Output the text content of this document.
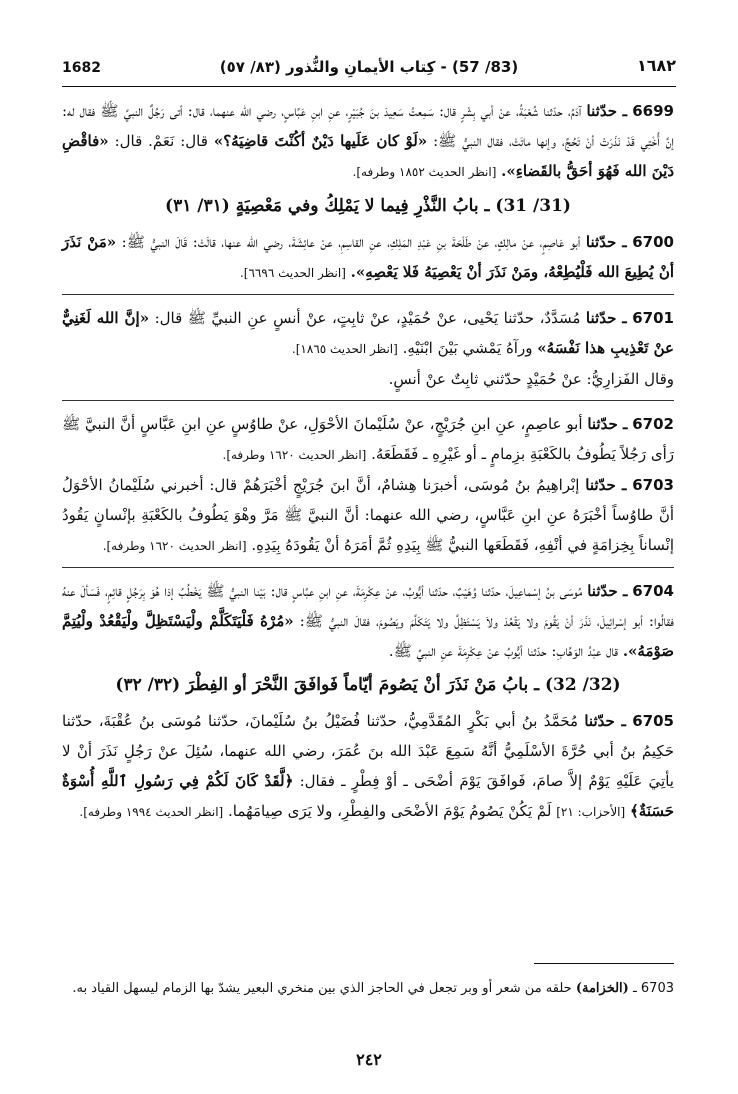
1682	(83/ 57) - كِتاب الأيمانِ والنُّذور (٨٣/ ٥٧)	١٦٨٢

6699 ـ حدّثنا آدَمُ، حدّثنا شُعْبَةُ، عنْ أبي بِشْرٍ قال: سَمِعتُ سَعِيدَ بنَ جُبَيْرٍ، عنِ ابنِ عَبَّاسٍ، رضي الله عنهما، قال: أتى رَجُلٌ النبيَّ ﷺ فقال له: إنَّ أُخْتِي قَدْ نَذَرَتْ أنْ تَحُجَّ، وإنها ماتَتْ، فقال النبيُّ ﷺ: «لَوْ كان عَلَيها دَيْنٌ أكُنْتَ قاضِيَهُ؟» قال: نَعَمْ. قال: «فاقْضِ دَيْنَ الله فَهُوَ أحَقُّ بالقَضاءِ». [انظر الحديث ١٨٥٢ وطرفه].

(31/ 31) ـ بابُ النَّذْرِ فِيما لا يَمْلِكُ وفي مَعْصِيَةٍ (٣١/ ٣١)

6700 ـ حدّثنا أبو عَاصِمٍ، عنْ مالِكٍ، عنْ طَلْحَةَ بنِ عَبْدِ المَلِكِ، عنِ القاسِمِ، عنْ عائِشَةَ، رضي الله عنها، قالَتْ: قَالَ النبيُّ ﷺ: «مَنْ نَذَرَ أنْ يُطِيعَ الله فَلْيُطِعْهُ، ومَنْ نَذَرَ أنْ يَعْصِيَهُ فَلا يَعْصِهِ». [انظر الحديث ٦٦٩٦].

6701 ـ حدّثنا مُسَدَّدٌ، حدّثنا يَحْيى، عنْ حُمَيْدٍ، عنْ ثابِتٍ، عنْ أنسٍ عنِ النبيِّ ﷺ قال: «إنَّ الله لَغَنِيٌّ عنْ تَعْذِيبِ هذا نَفْسَهُ» ورآهُ يَمْشي بَيْنَ ابْنَيْهِ. [انظر الحديث ١٨٦٥].

وقال الفَزارِيُّ: عنْ حُمَيْدٍ حدّثني ثابِتٌ عنْ أنسٍ.

6702 ـ حدّثنا أبو عاصِمٍ، عنِ ابنِ جُرَيْجٍ، عنْ سُلَيْمانَ الأحْوَلِ، عنْ طاوُسٍ عنِ ابنِ عَبَّاسٍ أنَّ النبيَّ ﷺ رَأى رَجُلاً يَطُوفُ بالكَعْبَةِ بزِمامٍ ـ أو غَيْرِهِ ـ فَقَطَعَهُ. [انظر الحديث ١٦٢٠ وطرفه].

6703 ـ حدّثنا إبْراهِيمُ بنُ مُوسَى، أخبرَنا هِشامٌ، أنَّ ابنَ جُرَيْجٍ أخْبَرَهُمْ قال: أخبرني سُلَيْمانُ الأحْوَلُ أنَّ طاوُساً أخْبَرَهُ عنِ ابنِ عَبَّاسٍ، رضي الله عنهما: أنَّ النبيَّ ﷺ مَرَّ وهْوَ يَطُوفُ بالكَعْبَةِ بإنْسانٍ يَقُودُ إنْساناً بِخِزامَةٍ في أنْفِهِ، فَقَطَعَها النبيُّ ﷺ بِيَدِهِ ثُمَّ أمَرَهُ أنْ يَقُودَهُ بِيَدِهِ. [انظر الحديث ١٦٢٠ وطرفه].

6704 ـ حدّثنا مُوسَى بنُ إسْماعِيلَ، حدّثنا وُهَيْبٌ، حدّثنا أيُّوبُ، عنْ عِكْرِمَةَ، عنِ ابنِ عبَّاسٍ قال: بَيْنا النبيُّ ﷺ يَخْطُبُ إذا هُوَ بِرَجُلٍ قائِمٍ، فَسَألَ عنهُ فقالُوا: أبو إسْرائِيلَ، نَذَرَ أنْ يَقُومَ ولا يَقْعُدَ ولاَ يَسْتَظِلَّ ولا يَتَكَلَّمَ ويَصُومَ، فقالَ النبيُّ ﷺ: «مُرْهُ فَلْيَتَكَلَّمْ ولْيَسْتَظِلَّ ولْيَقْعُدْ ولْيُتِمَّ صَوْمَهُ». قال عبْدُ الوَهَّابِ: حدّثنا أيُّوبُ عنْ عِكْرِمَةَ عنِ النبيِّ ﷺ.

(32/ 32) ـ بابُ مَنْ نَذَرَ أنْ يَصُومَ أيّاماً فَوافَقَ النَّحْرَ أو الفِطْرَ (٣٢/ ٣٢)

6705 ـ حدّثنا مُحَمَّدُ بنُ أبي بَكْرٍ المُقَدَّمِيُّ، حدّثنا فُضَيْلُ بنُ سُلَيْمانَ، حدّثنا مُوسَى بنُ عُقْبَةَ، حدّثنا حَكِيمُ بنُ أبي حُرَّةَ الأسْلَمِيُّ أنَّهُ سَمِعَ عَبْدَ الله بنَ عُمَرَ، رضي الله عنهما، سُئِلَ عنْ رَجُلٍ نَذَرَ أنْ لا يأتِيَ عَلَيْهِ يَوْمٌ إلاَّ صامَ، فَوافَقَ يَوْمَ أضْحَى ـ أوْ فِطْرٍ ـ فقال: ﴿لَّقَدْ كَانَ لَكُمْ فِي رَسُولِ ٱللَّهِ أُسْوَةٌ حَسَنَةٌ﴾ [الأحزاب: ٢١] لَمْ يَكُنْ يَصُومُ يَوْمَ الأضْحَى والفِطْرِ، ولا يَرَى صِيامَهُما. [انظر الحديث ١٩٩٤ وطرفه].

6703 ـ (الخزامة) حلقه من شعر أو وبر تجعل في الحاجز الذي بين منخري البعير يشدّ بها الزمام ليسهل القياد به.
٢٤٢
